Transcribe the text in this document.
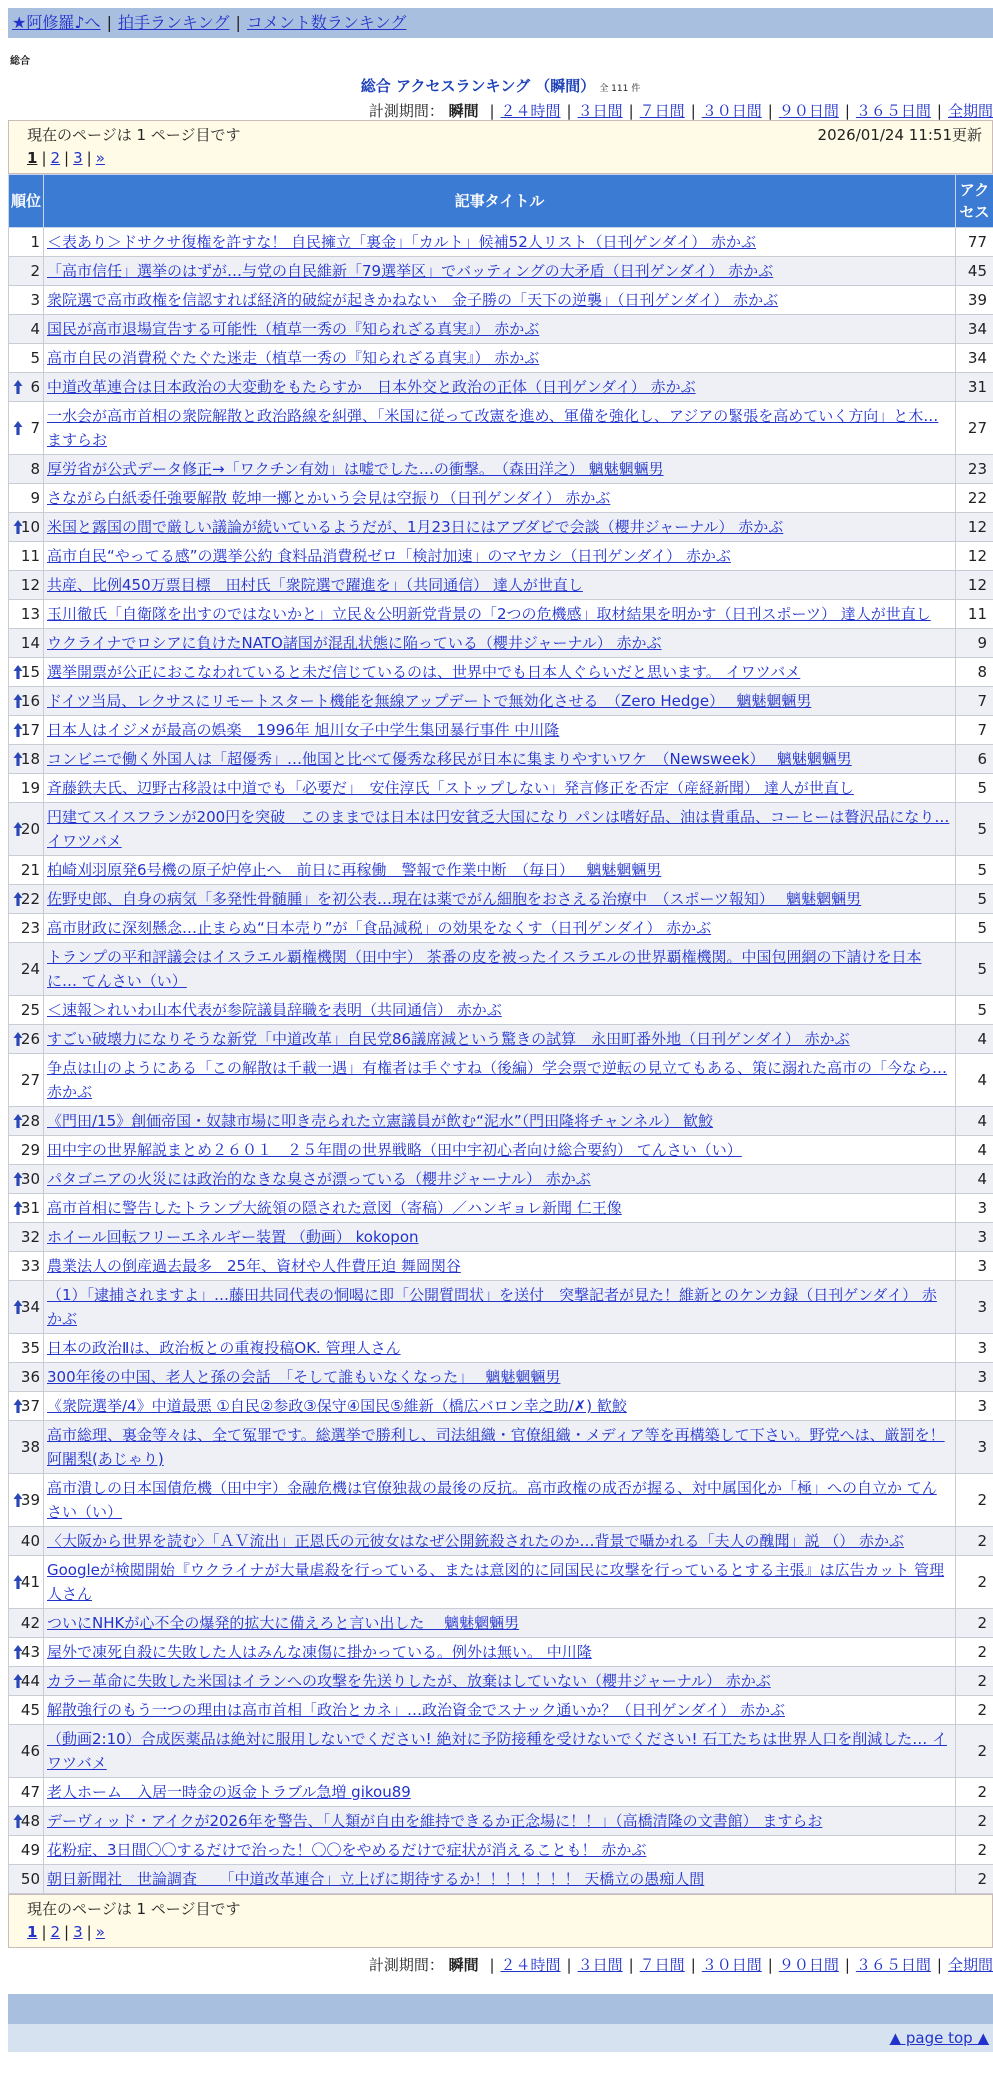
★阿修羅♪へ | 拍手ランキング | コメント数ランキング
総合
総合 アクセスランキング （瞬間） 全 111 件
計測期間： 瞬間 | ２４時間 | ３日間 | ７日間 | ３０日間 | ９０日間 | ３６５日間 | 全期間
現在のページは 1 ページ目です	2026/01/24 11:51更新
1 | 2 | 3 | »
順位	記事タイトル	アクセス
1	＜表あり＞ドサクサ復権を許すな！ 自民擁立「裏金」「カルト」候補52人リスト（日刊ゲンダイ） 赤かぶ	77
2	「高市信任」選挙のはずが…与党の自民維新「79選挙区」でバッティングの大矛盾（日刊ゲンダイ） 赤かぶ	45
3	衆院選で高市政権を信認すれば経済的破綻が起きかねない　金子勝の「天下の逆襲」（日刊ゲンダイ） 赤かぶ	39
4	国民が高市退場宣告する可能性（植草一秀の『知られざる真実』） 赤かぶ	34
5	高市自民の消費税ぐたぐた迷走（植草一秀の『知られざる真実』） 赤かぶ	34

6	中道改革連合は日本政治の大変動をもたらすか　日本外交と政治の正体（日刊ゲンダイ） 赤かぶ	31

7	一水会が高市首相の衆院解散と政治路線を糾弾、「米国に従って改憲を進め、軍備を強化し、アジアの緊張を高めていく方向」と木… ますらお	27
8	厚労省が公式データ修正→「ワクチン有効」は嘘でした…の衝撃。　（森田洋之） 魑魅魍魎男	23
9	さながら白紙委任強要解散 乾坤一擲とかいう会見は空振り（日刊ゲンダイ） 赤かぶ	22

10	米国と露国の間で厳しい議論が続いているようだが、1月23日にはアブダビで会談（櫻井ジャーナル） 赤かぶ	12
11	高市自民“やってる感”の選挙公約 食料品消費税ゼロ「検討加速」のマヤカシ（日刊ゲンダイ） 赤かぶ	12
12	共産、比例450万票目標　田村氏「衆院選で躍進を」（共同通信） 達人が世直し	12
13	玉川徹氏「自衛隊を出すのではないかと」立民＆公明新党背景の「2つの危機感」取材結果を明かす（日刊スポーツ） 達人が世直し	11
14	ウクライナでロシアに負けたNATO諸国が混乱状態に陥っている（櫻井ジャーナル） 赤かぶ	9

15	選挙開票が公正におこなわれていると未だ信じているのは、世界中でも日本人ぐらいだと思います。 イワツバメ	8

16	ドイツ当局、レクサスにリモートスタート機能を無線アップデートで無効化させる　（Zero Hedge）　 魑魅魍魎男	7

17	日本人はイジメが最高の娯楽＿1996年 旭川女子中学生集団暴行事件 中川隆	7

18	コンビニで働く外国人は「超優秀」…他国と比べて優秀な移民が日本に集まりやすいワケ　（Newsweek）　 魑魅魍魎男	6
19	斉藤鉄夫氏、辺野古移設は中道でも「必要だ」　安住淳氏「ストップしない」発言修正を否定（産経新聞） 達人が世直し	5

20	円建てスイスフランが200円を突破　このままでは日本は円安貧乏大国になり パンは嗜好品、油は貴重品、コーヒーは贅沢品になり… イワツバメ	5
21	柏崎刈羽原発6号機の原子炉停止へ　前日に再稼働　警報で作業中断　（毎日）　 魑魅魍魎男	5

22	佐野史郎、自身の病気「多発性骨髄腫」を初公表…現在は薬でがん細胞をおさえる治療中　（スポーツ報知）　 魑魅魍魎男	5
23	高市財政に深刻懸念…止まらぬ“日本売り”が「食品減税」の効果をなくす（日刊ゲンダイ） 赤かぶ	5
24	トランプの平和評議会はイスラエル覇権機関（田中宇） 茶番の皮を被ったイスラエルの世界覇権機関。中国包囲網の下請けを日本に… てんさい（い）	5
25	＜速報＞れいわ山本代表が参院議員辞職を表明（共同通信） 赤かぶ	5

26	すごい破壊力になりそうな新党「中道改革」自民党86議席減という驚きの試算　永田町番外地（日刊ゲンダイ） 赤かぶ	4
27	争点は山のようにある「この解散は千載一遇」有権者は手ぐすね（後編）学会票で逆転の見立てもある、策に溺れた高市の「今なら… 赤かぶ	4

28	《門田/15》創価帝国・奴隷市場に叩き売られた立憲議員が飲む“泥水”（門田隆将チャンネル） 歓鮫	4
29	田中宇の世界解説まとめ２６０１　２５年間の世界戦略（田中宇初心者向け総合要約） てんさい（い）	4

30	パタゴニアの火災には政治的なきな臭さが漂っている（櫻井ジャーナル） 赤かぶ	4

31	高市首相に警告したトランプ大統領の隠された意図（寄稿）／ハンギョレ新聞 仁王像	3
32	ホイール回転フリーエネルギー装置 （動画） kokopon	3
33	農業法人の倒産過去最多　25年、資材や人件費圧迫 舞岡関谷	3

34	（1）「逮捕されますよ」…藤田共同代表の恫喝に即「公開質問状」を送付　突撃記者が見た！維新とのケンカ録（日刊ゲンダイ） 赤かぶ	3
35	日本の政治Ⅱは、政治板との重複投稿OK. 管理人さん	3
36	300年後の中国、老人と孫の会話　「そして誰もいなくなった」　 魑魅魍魎男	3

37	《衆院選挙/4》中道最悪 ①自民②参政③保守④国民⑤維新（橋広バロン幸之助/✗) 歓鮫	3
38	高市総理、裏金等々は、全て冤罪です。総選挙で勝利し、司法組織・官僚組織・メディア等を再構築して下さい。野党へは、厳罰を！ 阿闍梨(あじゃり)	3

39	高市潰しの日本国債危機（田中宇）金融危機は官僚独裁の最後の反抗。高市政権の成否が握る、対中属国化か「極」への自立か てんさい（い）	2
40	〈大阪から世界を読む〉「ＡＶ流出」正恩氏の元彼女はなぜ公開銃殺されたのか…背景で囁かれる「夫人の醜聞」説 （） 赤かぶ	2

41	Googleが検閲開始『ウクライナが大量虐殺を行っている、または意図的に同国民に攻撃を行っているとする主張』は広告カット 管理人さん	2
42	ついにNHKが心不全の爆発的拡大に備えろと言い出した　 魑魅魍魎男	2

43	屋外で凍死自殺に失敗した人はみんな凍傷に掛かっている。例外は無い。 中川隆	2

44	カラー革命に失敗した米国はイランへの攻撃を先送りしたが、放棄はしていない（櫻井ジャーナル） 赤かぶ	2
45	解散強行のもう一つの理由は高市首相「政治とカネ」…政治資金でスナック通いか？（日刊ゲンダイ） 赤かぶ	2
46	（動画2:10）合成医薬品は絶対に服用しないでください! 絶対に予防接種を受けないでください! 石工たちは世界人口を削減した… イワツバメ	2
47	老人ホーム　入居一時金の返金トラブル急増 gikou89	2

48	デーヴィッド・アイクが2026年を警告、「人類が自由を維持できるか正念場に！！」（高橋清隆の文書館） ますらお	2
49	花粉症、3日間〇〇するだけで治った！〇〇をやめるだけで症状が消えることも！ 赤かぶ	2
50	朝日新聞社　世論調査　　「中道改革連合」立上げに期待するか！！！！！！！ 天橋立の愚痴人間	2
現在のページは 1 ページ目です
1 | 2 | 3 | »
計測期間： 瞬間 | ２４時間 | ３日間 | ７日間 | ３０日間 | ９０日間 | ３６５日間 | 全期間
▲ page top ▲
